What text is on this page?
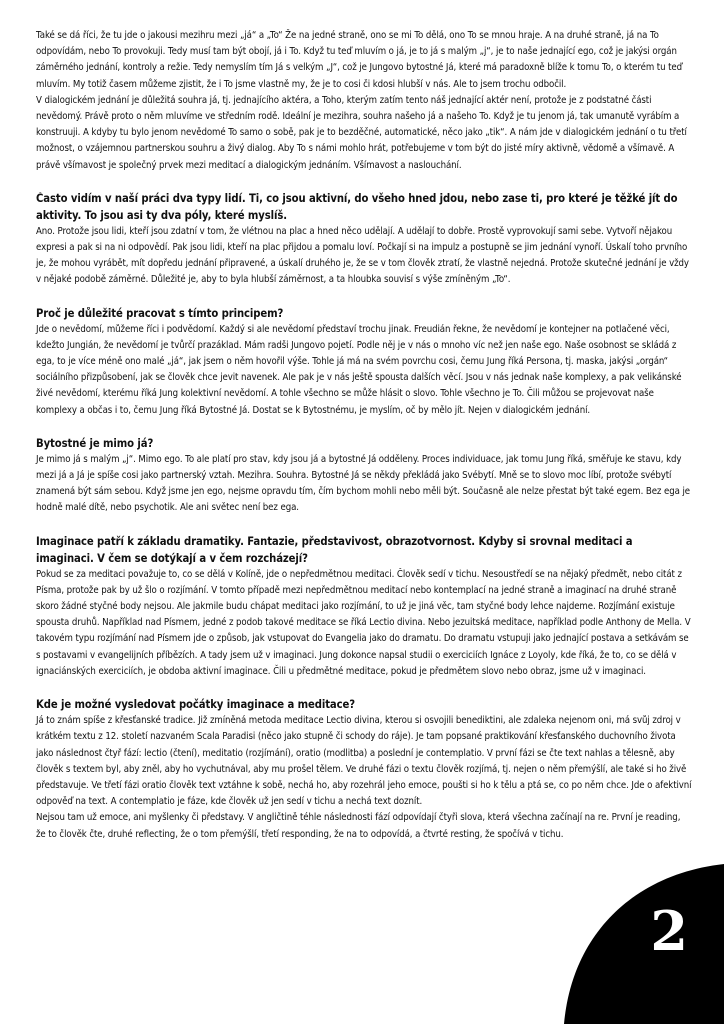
Také se dá říci, že tu jde o jakousi mezihru mezi „já“ a „To“ Že na jedné straně, ono se mi To dělá, ono To se mnou hraje. A na druhé straně, já na To odpovídám, nebo To provokuji. Tedy musí tam být obojí, já i To. Když tu teď mluvím o já, je to já s malým „j“, je to naše jednající ego, což je jakýsi orgán záměrného jednání, kontroly a režie. Tedy nemyslím tím Já s velkým „J“, což je Jungovo bytostné Já, které má paradoxně blíže k tomu To, o kterém tu teď mluvím. My totiž časem můžeme zjistit, že i To jsme vlastně my, že je to cosi či kdosi hlubší v nás. Ale to jsem trochu odbočil.

V dialogickém jednání je důležitá souhra já, tj. jednajícího aktéra, a Toho, kterým zatím tento náš jednající aktér není, protože je z podstatné části nevědomý. Právě proto o něm mluvíme ve středním rodě. Ideální je mezihra, souhra našeho já a našeho To. Když je tu jenom já, tak umanutě vyrábím a konstruuji. A kdyby tu bylo jenom nevědomé To samo o sobě, pak je to bezděčné, automatické, něco jako „tik“. A nám jde v dialogickém jednání o tu třetí možnost, o vzájemnou partnerskou souhru a živý dialog. Aby To s námi mohlo hrát, potřebujeme v tom být do jisté míry aktivně, vědomě a všímavě. A právě všímavost je společný prvek mezi meditací a dialogickým jednáním. Všímavost a naslouchání.

Často vidím v naší práci dva typy lidí. Ti, co jsou aktivní, do všeho hned jdou, nebo zase ti, pro které je těžké jít do aktivity. To jsou asi ty dva póly, které myslíš.

Ano. Protože jsou lidi, kteří jsou zdatní v tom, že vlétnou na plac a hned něco udělají. A udělají to dobře. Prostě vyprovokují sami sebe. Vytvoří nějakou expresi a pak si na ni odpovědí. Pak jsou lidi, kteří na plac přijdou a pomalu loví. Počkají si na impulz a postupně se jim jednání vynoří. Úskalí toho prvního je, že mohou vyrábět, mít dopředu jednání připravené, a úskalí druhého je, že se v tom člověk ztratí, že vlastně nejedná. Protože skutečné jednání je vždy v nějaké podobě záměrné. Důležité je, aby to byla hlubší záměrnost, a ta hloubka souvisí s výše zmíněným „To“.

Proč je důležité pracovat s tímto principem?

Jde o nevědomí, můžeme říci i podvědomí. Každý si ale nevědomí představí trochu jinak. Freudián řekne, že nevědomí je kontejner na potlačené věci, kdežto Jungián, že nevědomí je tvůrčí prazáklad. Mám radši Jungovo pojetí. Podle něj je v nás o mnoho víc než jen naše ego. Naše osobnost se skládá z ega, to je více méně ono malé „já“, jak jsem o něm hovořil výše. Tohle já má na svém povrchu cosi, čemu Jung říká Persona, tj. maska, jakýsi „orgán“ sociálního přizpůsobení, jak se člověk chce jevit navenek. Ale pak je v nás ještě spousta dalších věcí. Jsou v nás jednak naše komplexy, a pak velikánské živé nevědomí, kterému říká Jung kolektivní nevědomí. A tohle všechno se může hlásit o slovo. Tohle všechno je To. Čili můžou se projevovat naše komplexy a občas i to, čemu Jung říká Bytostné Já. Dostat se k Bytostnému, je myslím, oč by mělo jít. Nejen v dialogickém jednání.

Bytostné je mimo já?

Je mimo já s malým „j“. Mimo ego. To ale platí pro stav, kdy jsou já a bytostné Já odděleny. Proces individuace, jak tomu Jung říká, směřuje ke stavu, kdy mezi já a Já je spíše cosi jako partnerský vztah. Mezihra. Souhra. Bytostné Já se někdy překládá jako Svébytí. Mně se to slovo moc líbí, protože svébytí znamená být sám sebou. Když jsme jen ego, nejsme opravdu tím, čím bychom mohli nebo měli být. Současně ale nelze přestat být také egem. Bez ega je hodně malé dítě, nebo psychotik. Ale ani světec není bez ega.

Imaginace patří k základu dramatiky. Fantazie, představivost, obrazotvornost. Kdyby si srovnal meditaci a imaginaci. V čem se dotýkají a v čem rozcházejí?

Pokud se za meditaci považuje to, co se dělá v Kolíně, jde o nepředmětnou meditaci. Člověk sedí v tichu. Nesoustředí se na nějaký předmět, nebo citát z Písma, protože pak by už šlo o rozjímání. V tomto případě mezi nepředmětnou meditací nebo kontemplací na jedné straně a imaginací na druhé straně skoro žádné styčné body nejsou. Ale jakmile budu chápat meditaci jako rozjímání, to už je jiná věc, tam styčné body lehce najdeme. Rozjímání existuje spousta druhů. Například nad Písmem, jedné z podob takové meditace se říká Lectio divina. Nebo jezuitská meditace, například podle Anthony de Mella. V takovém typu rozjímání nad Písmem jde o způsob, jak vstupovat do Evangelia jako do dramatu. Do dramatu vstupuji jako jednající postava a setkávám se s postavami v evangelijních příbězích. A tady jsem už v imaginaci. Jung dokonce napsal studii o exerciciích Ignáce z Loyoly, kde říká, že to, co se dělá v ignaciánských exerciciích, je obdoba aktivní imaginace. Čili u předmětné meditace, pokud je předmětem slovo nebo obraz, jsme už v imaginaci.

Kde je možné vysledovat počátky imaginace a meditace?

Já to znám spíše z křesťanské tradice. Již zmíněná metoda meditace Lectio divina, kterou si osvojili benediktini, ale zdaleka nejenom oni, má svůj zdroj v krátkém textu z 12. století nazvaném Scala Paradisi (něco jako stupně či schody do ráje). Je tam popsané praktikování křesťanského duchovního života jako následnost čtyř fází: lectio (čtení), meditatio (rozjímání), oratio (modlitba) a poslední je contemplatio. V první fázi se čte text nahlas a tělesně, aby člověk s textem byl, aby zněl, aby ho vychutnával, aby mu prošel tělem. Ve druhé fázi o textu člověk rozjímá, tj. nejen o něm přemýšlí, ale také si ho živě představuje. Ve třetí fázi oratio člověk text vztáhne k sobě, nechá ho, aby rozehrál jeho emoce, poušti si ho k tělu a ptá se, co po něm chce. Jde o afektivní odpověď na text. A contemplatio je fáze, kde člověk už jen sedí v tichu a nechá text doznít.

Nejsou tam už emoce, ani myšlenky či představy. V angličtině téhle následnosti fází odpovídají čtyři slova, která všechna začínají na re. První je reading, že to člověk čte, druhé reflecting, že o tom přemýšlí, třetí responding, že na to odpovídá, a čtvrté resting, že spočívá v tichu.

2
